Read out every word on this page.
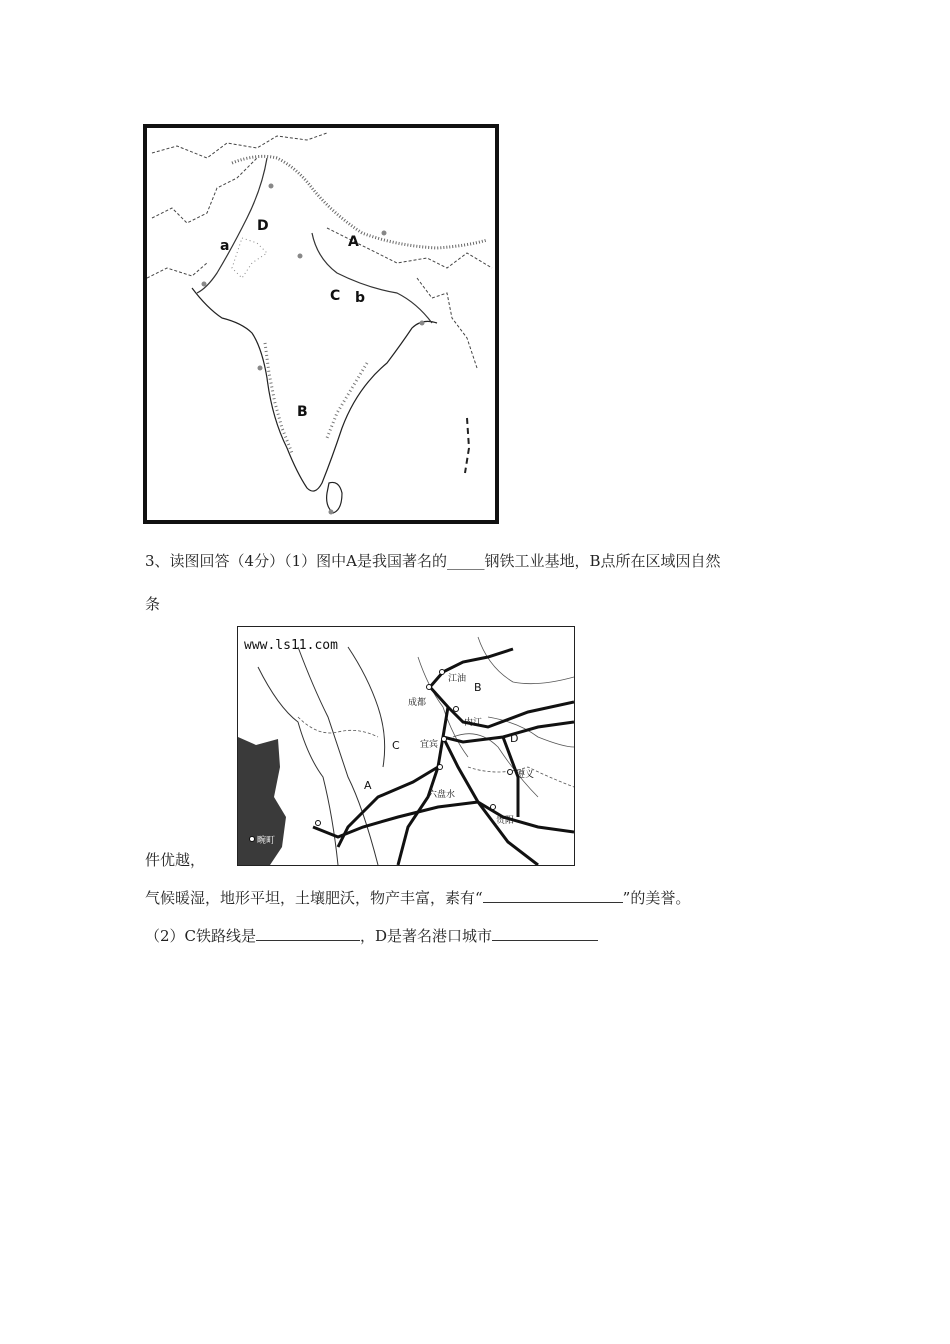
A
B
C
D
a
b
3、读图回答（4分）（1）图中A是我国著名的_____钢铁工业基地，B点所在区域因自然
条
www.ls11.com
江油
成都
内江
宜宾
遵义
六盘水
贵阳
畹町
A
B
C
D
件优越，
气候暖湿，地形平坦，土壤肥沃，物产丰富，素有“	”的美誉。
（2）C铁路线是	，D是著名港口城市
